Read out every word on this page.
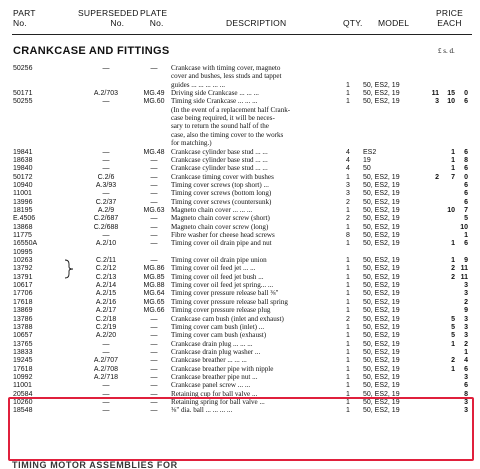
PART
No.
SUPERSEDED
No.
PLATE
No.	DESCRIPTION	QTY. MODEL
PRICE
EACH
CRANKCASE AND FITTINGS	£ s. d.
50256	—	—	Crankcase with timing cover, magneto
cover and bushes, less studs and tappet
guides ... ... ... ... ...	1	50, ES2, 19
50171	A.2/703	MG.49 Driving side Crankcase ... ... ...	1	50, ES2, 19	11	15	0
50255	—	MG.60 Timing side Crankcase ... ... ...	1	50, ES2, 19	3	10	6
(In the event of a replacement half Crank-
case being required, it will be neces-
sary to return the sound half of the
case, also the timing cover to the works
for matching.)
19841	—	MG.48 Crankcase cylinder base stud ... ...	4	ES2	1	6
18638	—	—	Crankcase cylinder base stud ... ...	4	19	1	8
19840	—	—	Crankcase cylinder base stud ... ...	4	50	1	6
50172	C.2/6	—	Crankcase timing cover with bushes	1	50, ES2, 19	2	7	0
10940	A.3/93	—	Timing cover screws (top short) ...	3	50, ES2, 19	6
11001	—	—	Timing cover screws (bottom long)	3	50, ES2, 19	6
13996	C.2/37	—	Timing cover screws (countersunk)	2	50, ES2, 19	6
18195	A.2/9	MG.63 Magneto chain cover ... ... ...	1	50, ES2, 19	10	7
E.4506	C.2/687	—	Magneto chain cover screw (short)	2	50, ES2, 19	5
13868	C.2/688	—	Magneto chain cover screw (long)	1	50, ES2, 19	10
11775	—	—	Fibre washer for cheese head screws	8	50, ES2, 19	1
16550A	A.2/10	—	Timing cover oil drain pipe and nut	1	50, ES2, 19	1	6
10995
10263	C.2/11	—	Timing cover oil drain pipe union	1	50, ES2, 19	1	9
13792	C.2/12	MG.86 Timing cover oil feed jet ... ...	1	50, ES2, 19	2 11
13791	C.2/13	MG.85 Timing cover oil feed jet bush ...	1	50, ES2, 19	2 11
10617	A.2/14	MG.88 Timing cover oil feed jet spring... ...	1	50, ES2, 19	3
17706	A.2/15	MG.64 Timing cover pressure release ball ⅜"	1	50, ES2, 19	3
17618	A.2/16	MG.65 Timing cover pressure release ball spring	1	50, ES2, 19	2
13869	A.2/17	MG.66 Timing cover pressure release plug	1	50, ES2, 19	9
13786	C.2/18	—	Crankcase cam bush (inlet and exhaust)	2	50, ES2, 19	5	3
13788	C.2/19	—	Timing cover cam bush (inlet) ...	1	50, ES2, 19	5	3
10657	A.2/20	—	Timing cover cam bush (exhaust)	1	50, ES2, 19	5	3
13765	—	—	Crankcase drain plug ... ... ...	1	50, ES2, 19	1	2
13833	—	—	Crankcase drain plug washer ...	1	50, ES2, 19	1
19245	A.2/707	—	Crankcase breather ... ... ...	1	50, ES2, 19	2	4
17618	A.2/708	—	Crankcase breather pipe with nipple	1	50, ES2, 19	1	6
10992	A.2/718	—	Crankcase breather pipe nut ...	1	50, ES2, 19	3
11001	—	—	Crankcase panel screw ... ...	1	50, ES2, 19	6
20584	—	—	Retaining cup for ball valve ...	1	50, ES2, 19	8
10260	—	—	Retaining spring for ball valve ...	1	50, ES2, 19	3
18548	—	—	⅜" dia. ball ... ... ... ...	1	50, ES2, 19	3
TIMING MOTOR ASSEMBLIES FOR
